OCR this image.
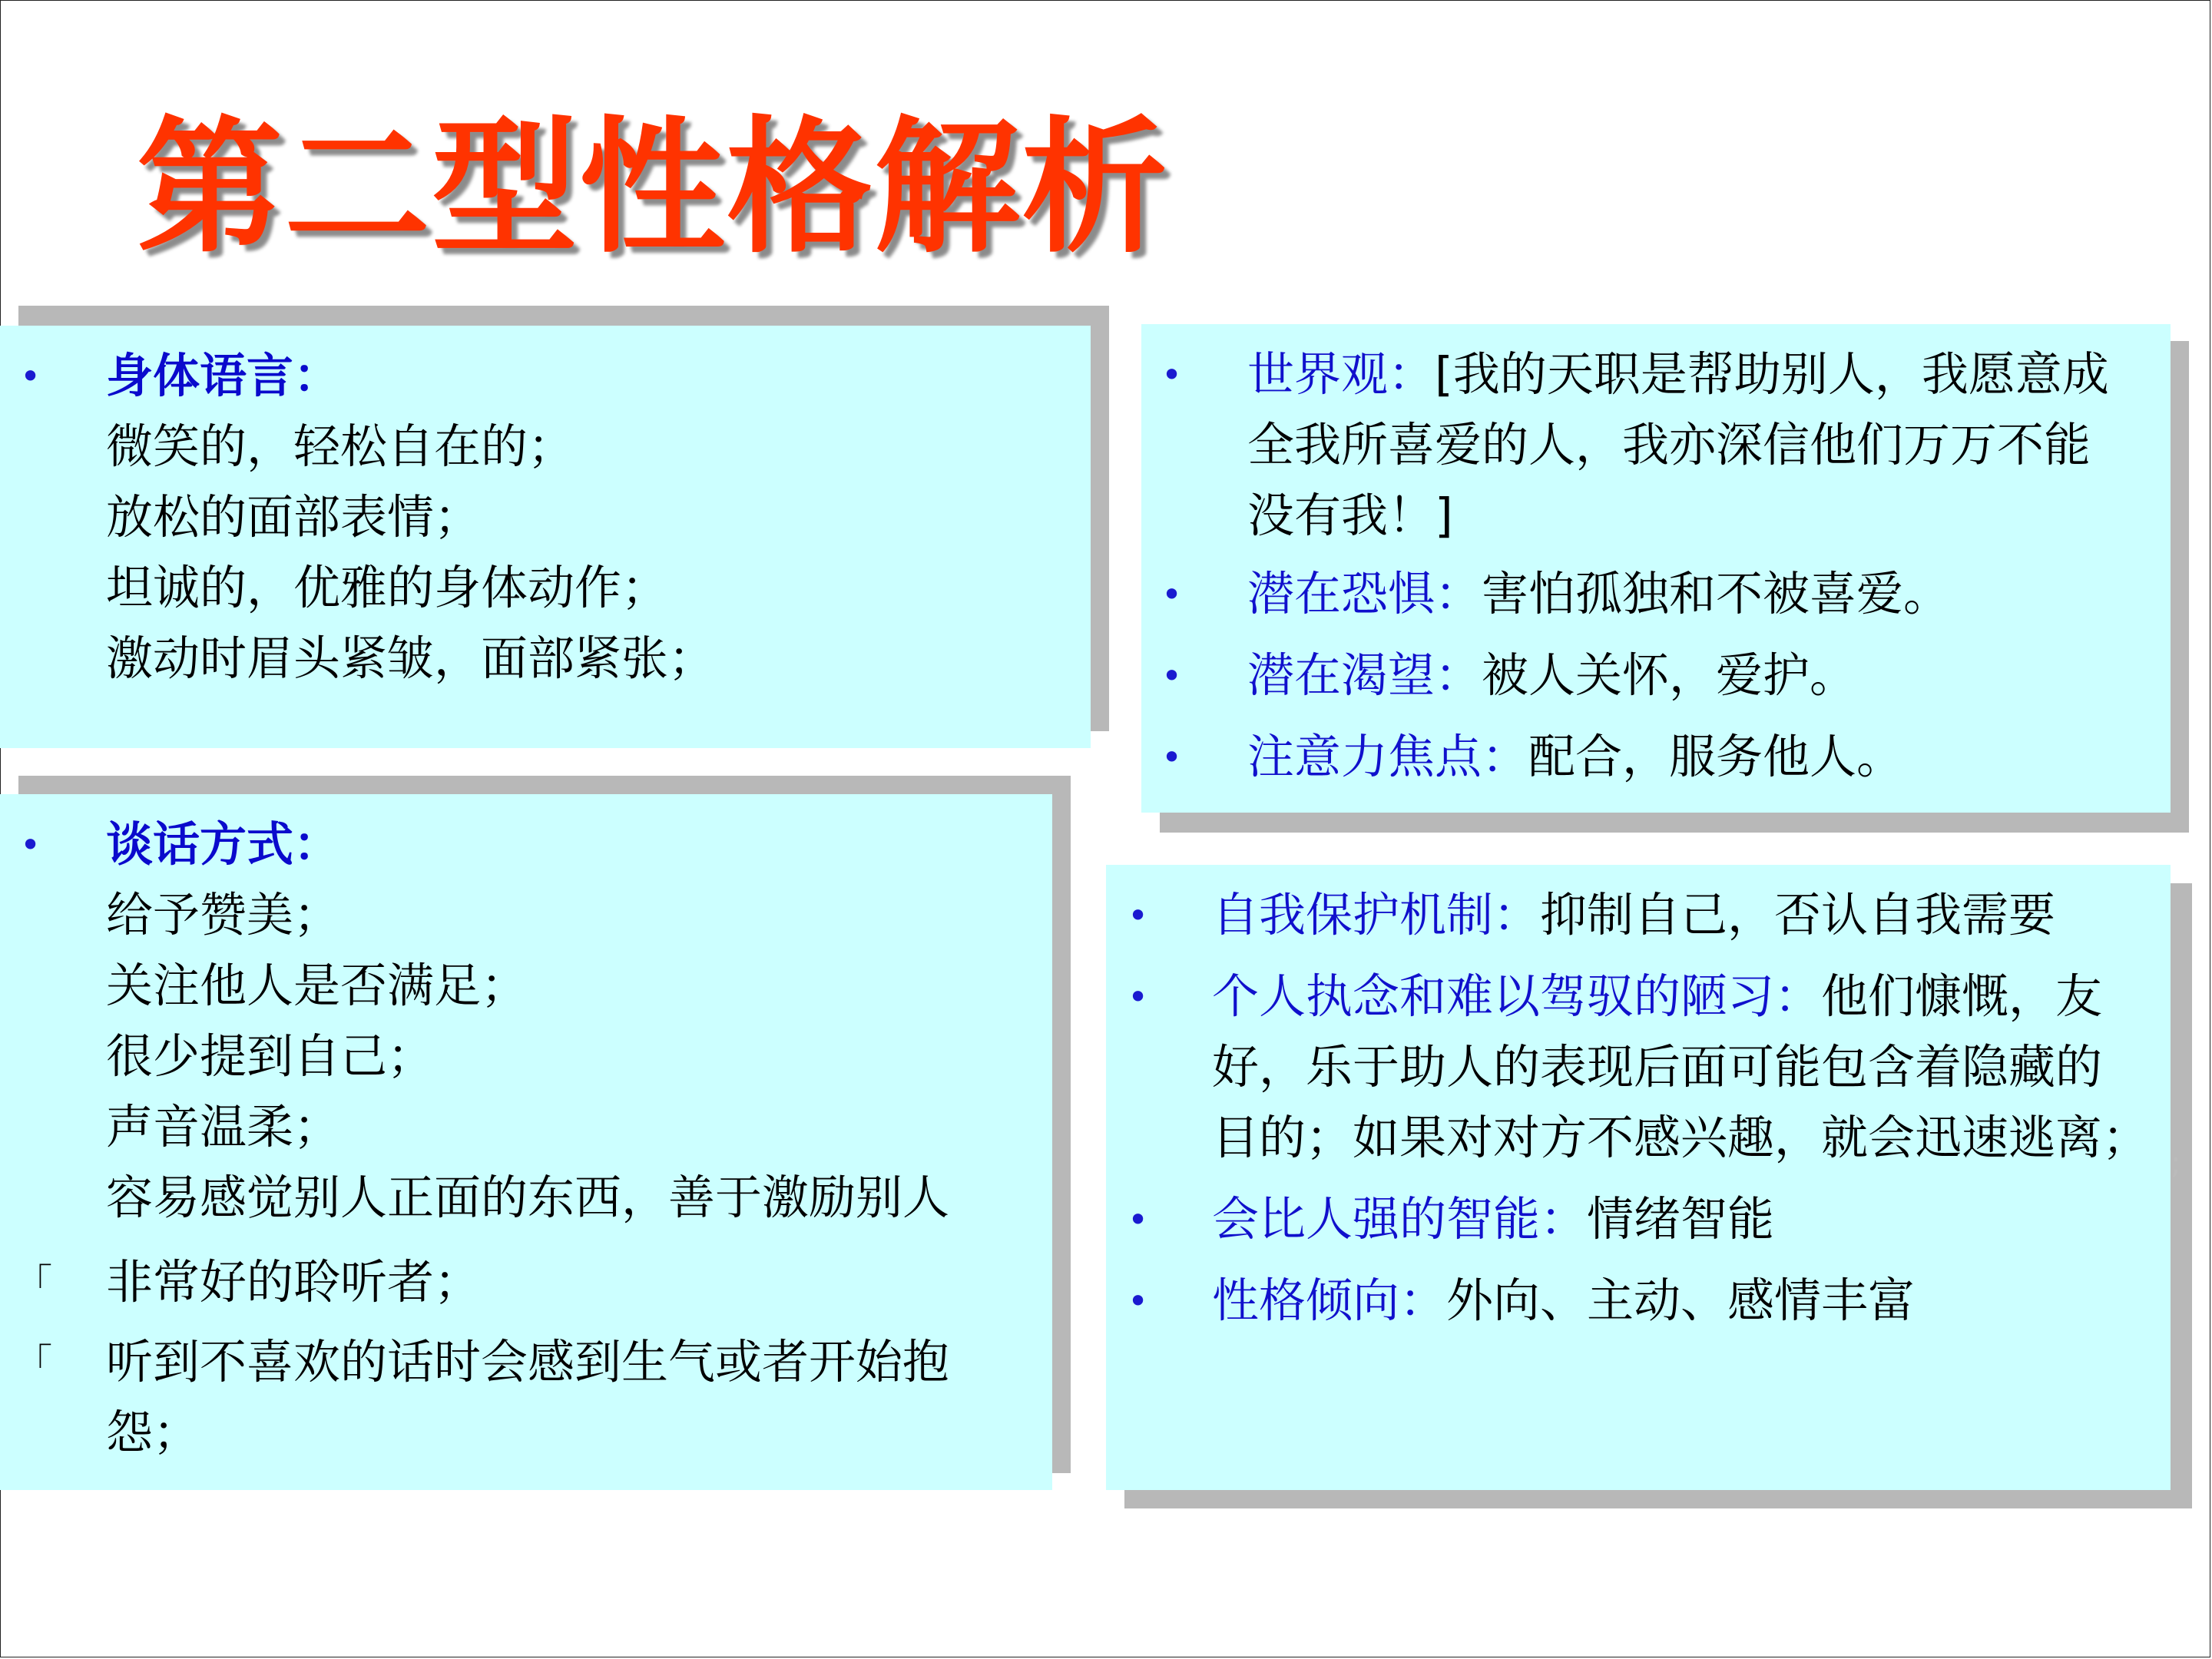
第二型性格解析
• 身体语言：
微笑的，轻松自在的；
放松的面部表情；
坦诚的，优雅的身体动作；
激动时眉头紧皱，面部紧张；
• 谈话方式：
给予赞美；
关注他人是否满足；
很少提到自己；
声音温柔；
容易感觉别人正面的东西，善于激励别人
「 非常好的聆听者；
「 听到不喜欢的话时会感到生气或者开始抱
怨；
• 世界观：[我的天职是帮助别人，我愿意成
全我所喜爱的人，我亦深信他们万万不能
没有我！]
• 潜在恐惧：害怕孤独和不被喜爱。
• 潜在渴望：被人关怀，爱护。
• 注意力焦点：配合，服务他人。
• 自我保护机制：抑制自己，否认自我需要
• 个人执念和难以驾驭的陋习：他们慷慨，友
好，乐于助人的表现后面可能包含着隐藏的
目的；如果对对方不感兴趣，就会迅速逃离；
• 会比人强的智能：情绪智能
• 性格倾向：外向、主动、感情丰富
;
